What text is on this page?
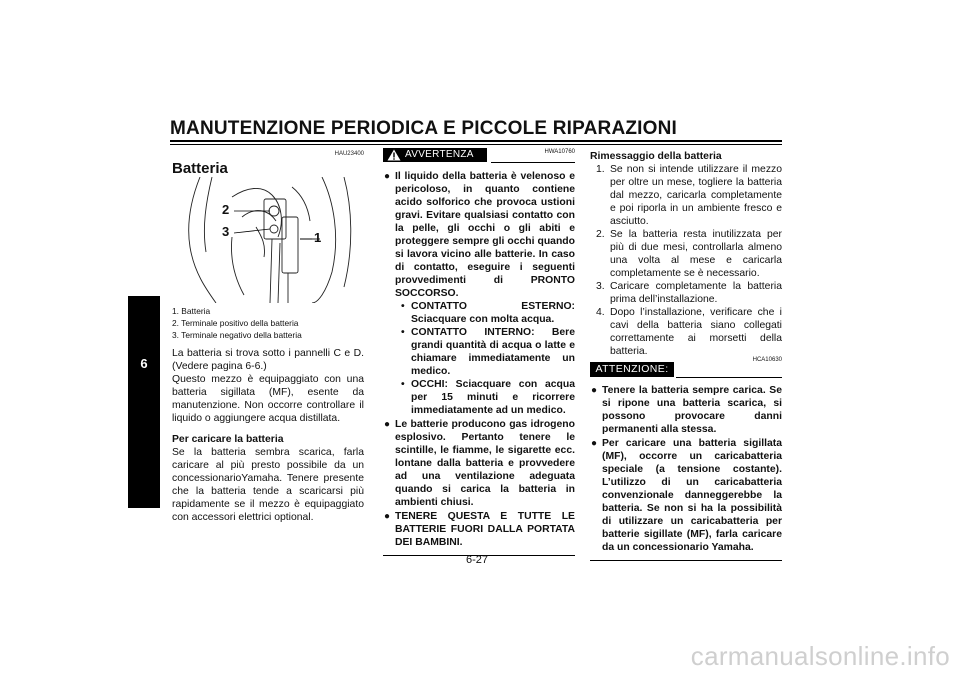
MANUTENZIONE PERIODICA E PICCOLE RIPARAZIONI
6
HAU23400
Batteria
2
3	1
1. Batteria
2. Terminale positivo della batteria
3. Terminale negativo della batteria
La batteria si trova sotto i pannelli C e D. (Vedere pagina 6-6.)
Questo mezzo è equipaggiato con una batteria sigillata (MF), esente da manutenzione. Non occorre controllare il liquido o aggiungere acqua distillata.
Per caricare la batteria
Se la batteria sembra scarica, farla caricare al più presto possibile da un concessionarioYamaha. Tenere presente che la batteria tende a scaricarsi più rapidamente se il mezzo è equipaggiato con accessori elettrici optional.
AVVERTENZA	HWA10760
● Il liquido della batteria è velenoso e pericoloso, in quanto contiene acido solforico che provoca ustioni gravi. Evitare qualsiasi contatto con la pelle, gli occhi o gli abiti e proteggere sempre gli occhi quando si lavora vicino alle batterie. In caso di contatto, eseguire i seguenti provvedimenti di PRONTO SOCCORSO.
• CONTATTO ESTERNO: Sciacquare con molta acqua.
• CONTATTO INTERNO: Bere grandi quantità di acqua o latte e chiamare immediatamente un medico.
• OCCHI: Sciacquare con acqua per 15 minuti e ricorrere immediatamente ad un medico.
● Le batterie producono gas idrogeno esplosivo. Pertanto tenere le scintille, le fiamme, le sigarette ecc. lontane dalla batteria e provvedere ad una ventilazione adeguata quando si carica la batteria in ambienti chiusi.
● TENERE QUESTA E TUTTE LE BATTERIE FUORI DALLA PORTATA DEI BAMBINI.
Rimessaggio della batteria
1. Se non si intende utilizzare il mezzo per oltre un mese, togliere la batteria dal mezzo, caricarla completamente e poi riporla in un ambiente fresco e asciutto.
2. Se la batteria resta inutilizzata per più di due mesi, controllarla almeno una volta al mese e caricarla completamente se è necessario.
3. Caricare completamente la batteria prima dell’installazione.
4. Dopo l’installazione, verificare che i cavi della batteria siano collegati correttamente ai morsetti della batteria.
HCA10630
ATTENZIONE:
● Tenere la batteria sempre carica. Se si ripone una batteria scarica, si possono provocare danni permanenti alla stessa.
● Per caricare una batteria sigillata (MF), occorre un caricabatteria speciale (a tensione costante). L’utilizzo di un caricabatteria convenzionale danneggerebbe la batteria. Se non si ha la possibilità di utilizzare un caricabatteria per batterie sigillate (MF), farla caricare da un concessionario Yamaha.
6-27
carmanualsonline.info
